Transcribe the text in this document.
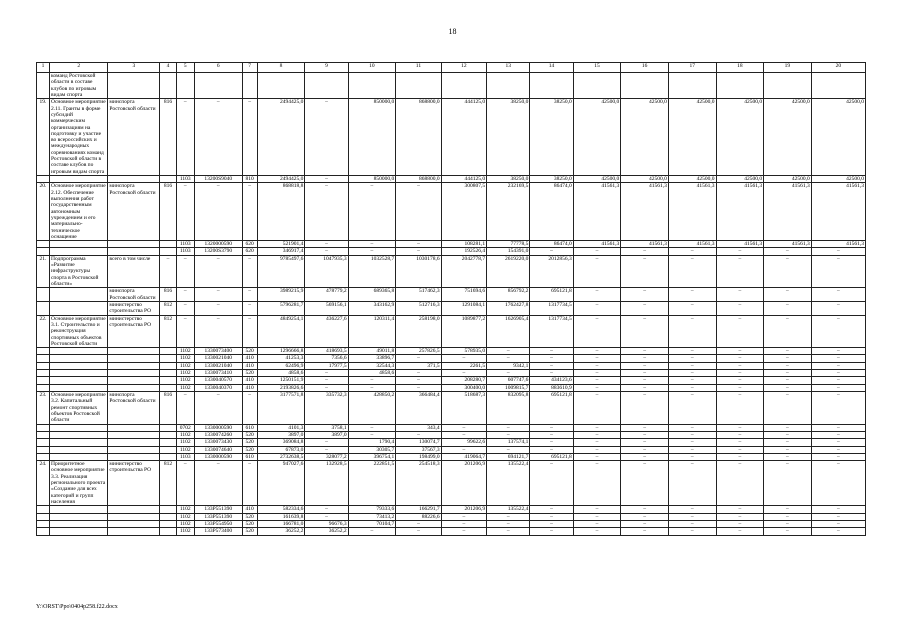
18
1	2	3	4	5	6	7	8	9	10	11	12	13	14	15	16	17	18	19	20
	команд Ростовской области в составе клубов по игровым видам спорта																		
19.	Основное мероприятие 2.11. Гранты в форме субсидий коммерческим организациям на подготовку и участие во всероссийских и международных соревнованиях команд Ростовской области в составе клубов по игровым видам спорта	минспорта Ростовской области	816	–	–	–	2494425,0	–	850000,0	868800,0	444125,0	38250,0	38250,0	42500,0	42500,0	42500,0	42500,0	42500,0	42500,0
				1103	13200S9040	810	2494425,0	–	850000,0	868800,0	444125,0	38250,0	38250,0	42500,0	42500,0	42500,0	42500,0	42500,0	42500,0
20.	Основное мероприятие 2.12. Обеспечение выполнения работ государственным автономным учреждением и его материально-техническое оснащение	минспорта Ростовской области	816	–	–	–	868818,8	–	–	–	300807,5	232169,5	86474,0	41561,3	41561,3	41561,3	41561,3	41561,3	41561,3
				1103	1320000590	620	521901,4	–	–	–	108281,1	77778,5	86474,0	41561,3	41561,3	41561,3	41561,3	41561,3	41561,3
				1103	13200S3790	620	346917,4	–	–	–	192526,4	154391,0	–	–	–	–	–	–	–
21.	Подпрограмма «Развитие инфраструктуры спорта в Ростовской области»	всего в том числе	–	–	–	–	9785497,6	1047935,3	1032528,7	1030178,6	2042778,7	2619220,0	2012856,3	–	–	–	–	–	–
		минспорта Ростовской области	816	–	–	–	3989215,9	478779,2	689365,8	517462,3	751694,6	856792,2	695121,8	–	–	–	–	–	–
		министерство строительства РО	812	–	–	–	5796281,7	569156,1	343162,9	512716,3	1291084,1	1762427,8	1317734,5	–	–	–	–	–	–
22.	Основное мероприятие 3.1. Строительство и реконструкция спортивных объектов Ростовской области	министерство строительства РО	812	–	–	–	4849254,1	436227,6	120311,4	258198,0	1089877,2	1626905,4	1317734,5	–	–	–	–	–	–
				1102	1330073400	520	1296666,8	418693,5	49011,8	257826,5	578935,0	–	–	–	–	–	–	–	–
				1102	1330021040	410	41253,3	7356,6	33896,7	–	–	–	–	–	–	–	–	–	–
				1102	1330021040	410	62496,9	17977,5	32544,3	371,5	2261,5	9342,1	–	–	–	–	–	–	–
				1102	1330073410	520	4858,6	–	4858,6	–	–	–	–	–	–	–	–	–	–
				1102	1330040570	410	1250151,9	–	–	–	208280,7	607747,6	434123,6	–	–	–	–	–	–
				1102	1330040370	410	2193826,6	–	–	–	300400,0	1009815,7	883610,9	–	–	–	–	–	–
23.	Основное мероприятие 3.2. Капитальный ремонт спортивных объектов Ростовской области	минспорта Ростовской области	816	–	–	–	3177571,8	335732,3	428850,2	366484,4	518687,3	832095,8	695121,8	–	–	–	–	–	–
				0702	1330000590	610	4101,3	3758,1	–	343,4	–	–	–	–	–	–	–	–	–
				1102	1330074260	520	3897,0	3897,0	–	–	–	–	–	–	–	–	–	–	–
				1102	1330073430	520	369084,8	–	1790,4	130074,7	99622,6	137574,1	–	–	–	–	–	–	–
				1102	1330074640	520	67873,0	–	30305,7	37567,3	–	–	–	–	–	–	–	–	–
				1103	1330000590	610	2732638,5	328077,2	396754,1	198499,0	419064,7	694121,7	695121,8	–	–	–	–	–	–
24.	Приоритетное основное мероприятие 3.3. Реализация регионального проекта «Создание для всех категорий и групп населения	министерство строительства РО	812	–	–	–	947027,6	132928,5	222851,5	254518,3	201206,9	135522,4	–	–	–	–	–	–	–
				1102	133P551390	410	582334,6	–	79333,6	166291,7	201206,9	135522,4	–	–	–	–	–	–	–
				1102	133P551390	520	161639,8	–	73413,2	88226,6	–	–	–	–	–	–	–	–	–
				1102	133P554950	520	166781,0	96676,3	70104,7	–	–	–	–	–	–	–	–	–	–
				1102	133P573400	520	36252,2	36252,2	–	–	–	–	–	–	–	–	–	–	–
Y:\ORST\Ppo\0404p258.f22.docx
